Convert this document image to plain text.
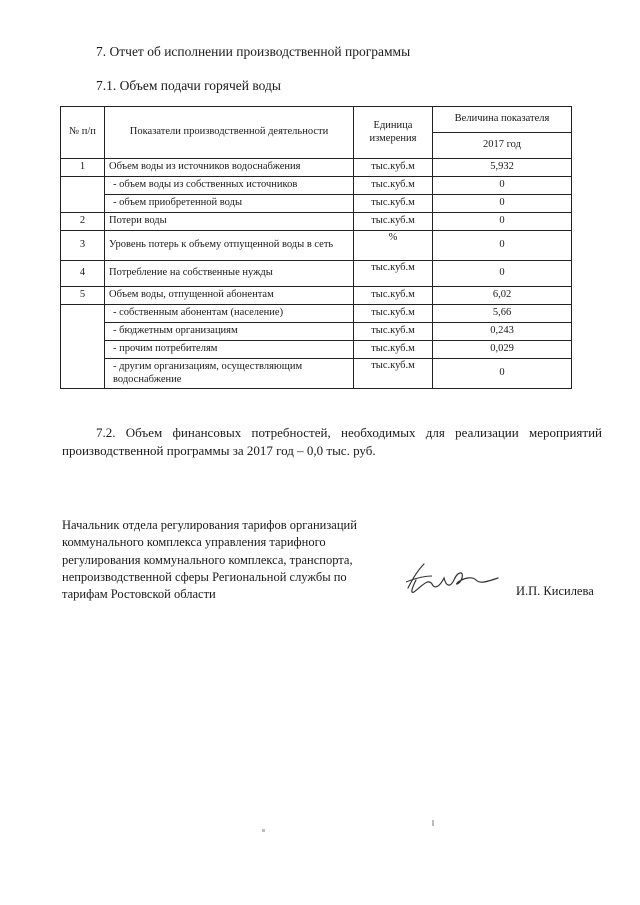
7. Отчет об исполнении производственной программы
7.1. Объем подачи горячей воды
№ п/п	Показатели производственной деятельности	Единица измерения	Величина показателя
			2017 год
1	Объем воды из источников водоснабжения	тыс.куб.м	5,932
	- объем воды из собственных источников	тыс.куб.м	0
	- объем приобретенной воды	тыс.куб.м	0
2	Потери воды	тыс.куб.м	0
3	Уровень потерь к объему отпущенной воды в сеть	%	0
4	Потребление на собственные нужды	тыс.куб.м	0
5	Объем воды, отпущенной абонентам	тыс.куб.м	6,02
	- собственным абонентам (население)	тыс.куб.м	5,66
	- бюджетным организациям	тыс.куб.м	0,243
	- прочим потребителям	тыс.куб.м	0,029
	- другим организациям, осуществляющим водоснабжение	тыс.куб.м	0
7.2. Объем финансовых потребностей, необходимых для реализации мероприятий производственной программы за 2017 год – 0,0 тыс. руб.
Начальник отдела регулирования тарифов организаций коммунального комплекса управления тарифного регулирования коммунального комплекса, транспорта, непроизводственной сферы Региональной службы по тарифам Ростовской области	И.П. Кисилева
